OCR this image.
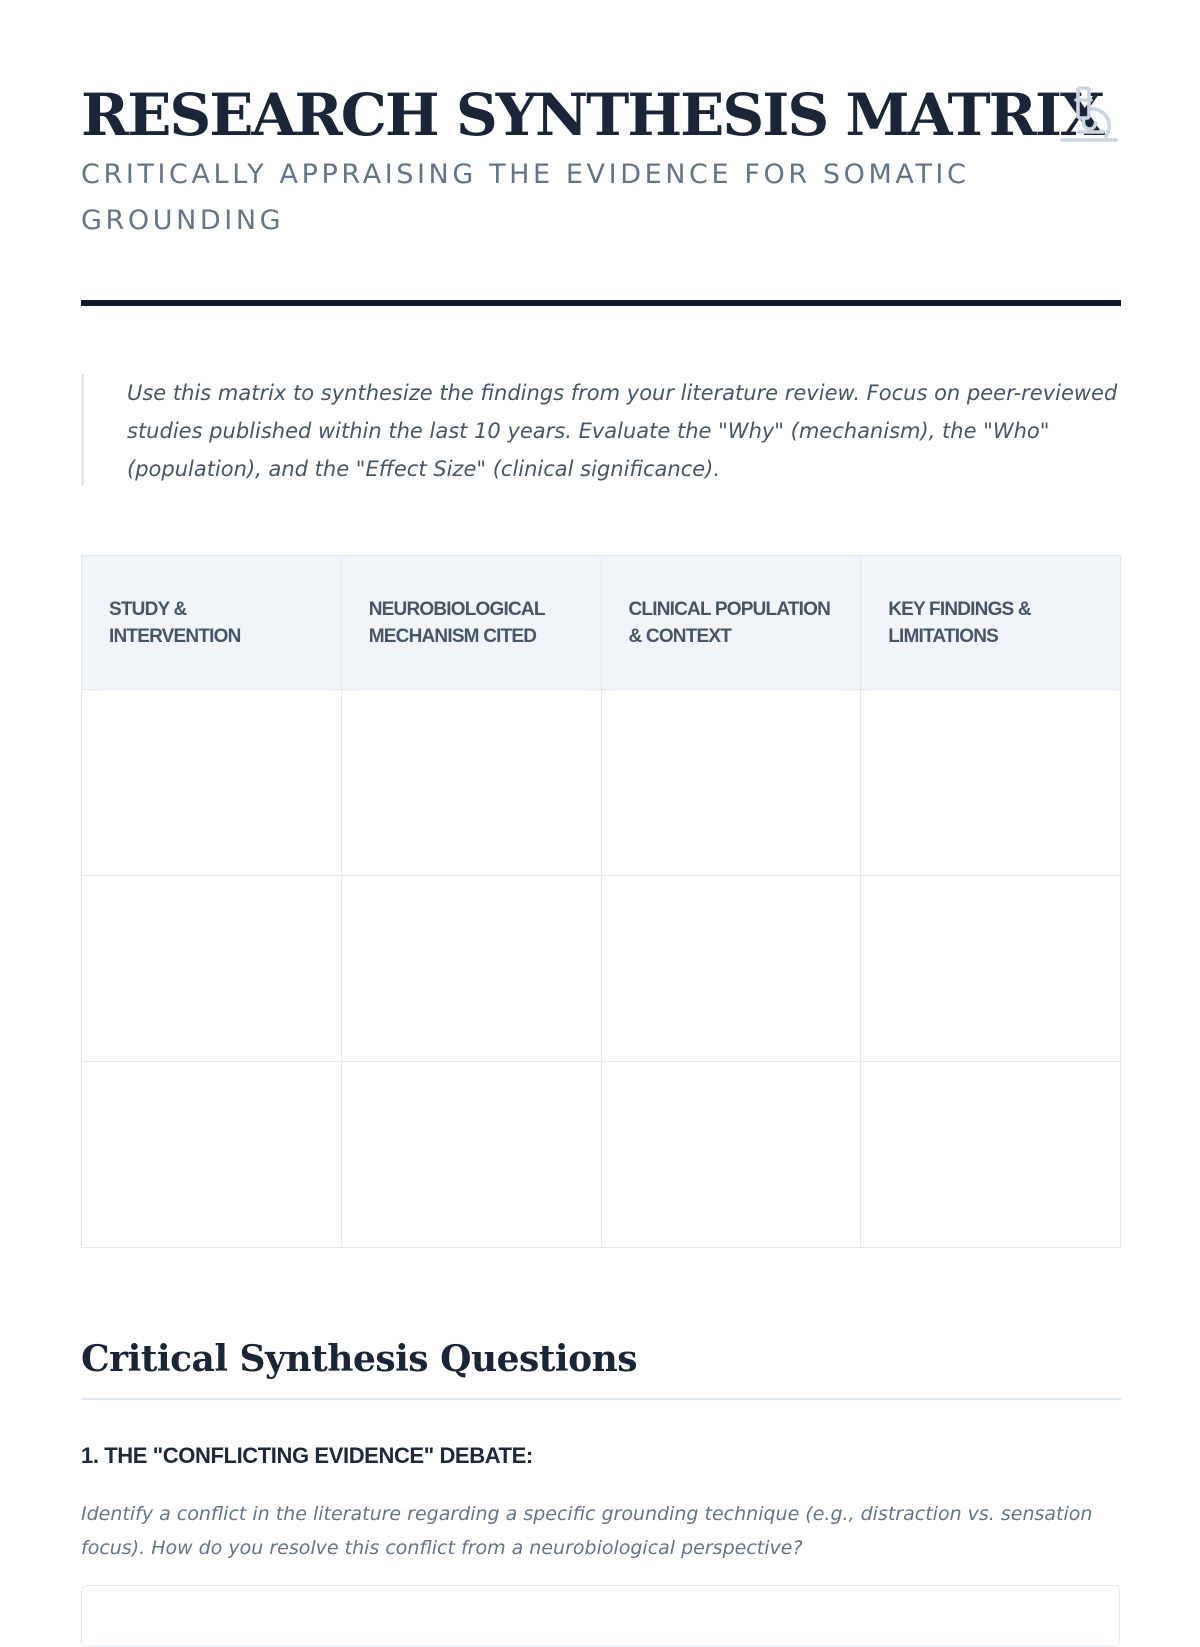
RESEARCH SYNTHESIS MATRIX
CRITICALLY APPRAISING THE EVIDENCE FOR SOMATIC GROUNDING

Use this matrix to synthesize the findings from your literature review. Focus on peer-reviewed studies published within the last 10 years. Evaluate the "Why" (mechanism), the "Who" (population), and the "Effect Size" (clinical significance).

STUDY & INTERVENTION	NEUROBIOLOGICAL MECHANISM CITED	CLINICAL POPULATION & CONTEXT	KEY FINDINGS & LIMITATIONS

Critical Synthesis Questions
1. THE "CONFLICTING EVIDENCE" DEBATE:

Identify a conflict in the literature regarding a specific grounding technique (e.g., distraction vs. sensation focus). How do you resolve this conflict from a neurobiological perspective?
